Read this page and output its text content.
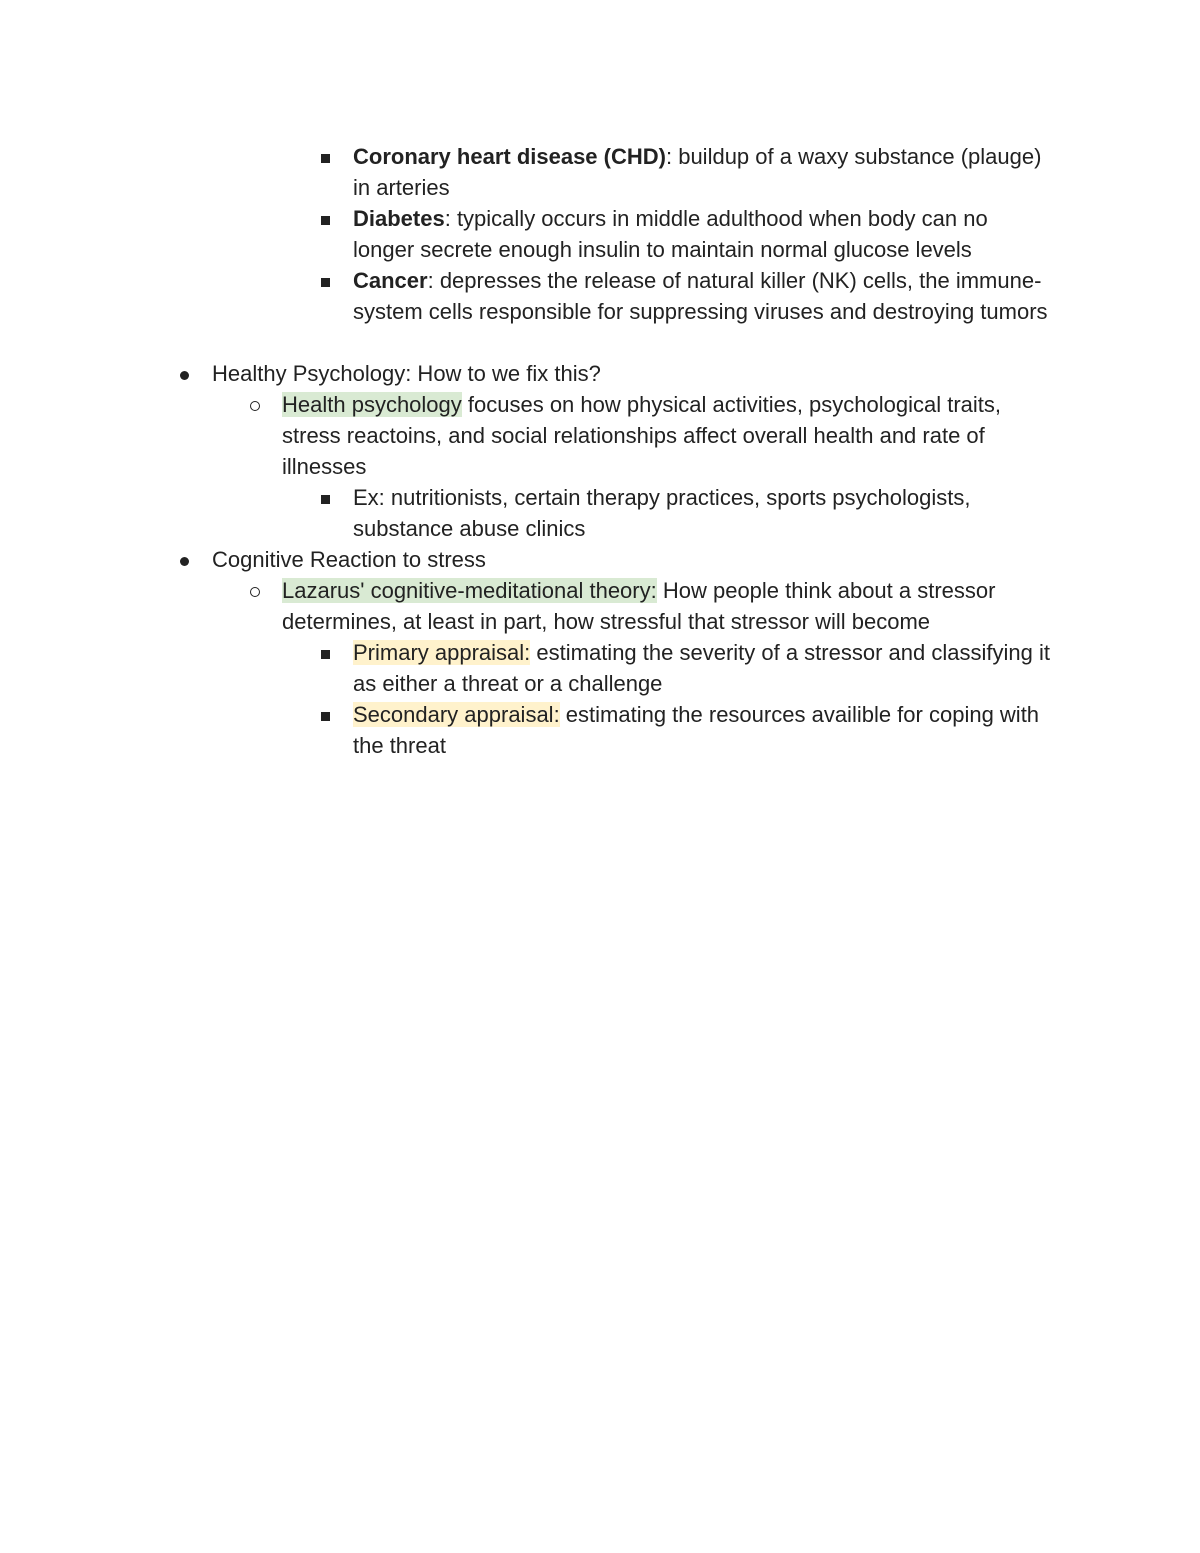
Coronary heart disease (CHD): buildup of a waxy substance (plauge) in arteries
Diabetes: typically occurs in middle adulthood when body can no longer secrete enough insulin to maintain normal glucose levels
Cancer: depresses the release of natural killer (NK) cells, the immune-system cells responsible for suppressing viruses and destroying tumors
Healthy Psychology: How to we fix this?
Health psychology focuses on how physical activities, psychological traits, stress reactoins, and social relationships affect overall health and rate of illnesses
Ex: nutritionists, certain therapy practices, sports psychologists, substance abuse clinics
Cognitive Reaction to stress
Lazarus' cognitive-meditational theory: How people think about a stressor determines, at least in part, how stressful that stressor will become
Primary appraisal: estimating the severity of a stressor and classifying it as either a threat or a challenge
Secondary appraisal: estimating the resources availible for coping with the threat
